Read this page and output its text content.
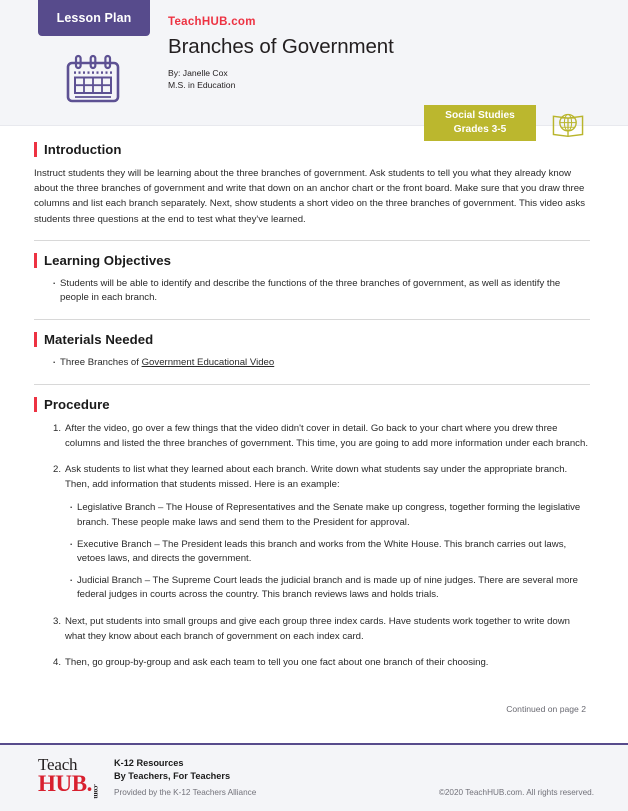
Lesson Plan	TeachHUB.com
Branches of Government
By: Janelle Cox
M.S. in Education
Social Studies
Grades 3-5
Introduction

Instruct students they will be learning about the three branches of government. Ask students to tell you what they already know about the three branches of government and write that down on an anchor chart or the front board. Make sure that you draw three columns and list each branch separately. Next, show students a short video on the three branches of government. This video asks students three questions at the end to test what they've learned.

Learning Objectives
· Students will be able to identify and describe the functions of the three branches of government, as well as identify the people in each branch.
Materials Needed
· Three Branches of Government Educational Video
Procedure
After the video, go over a few things that the video didn't cover in detail. Go back to your chart where you drew three columns and listed the three branches of government. This time, you are going to add more information under each branch.
Ask students to list what they learned about each branch. Write down what students say under the appropriate branch. Then, add information that students missed. Here is an example:
· Legislative Branch – The House of Representatives and the Senate make up congress, together forming the legislative branch. These people make laws and send them to the President for approval.
· Executive Branch – The President leads this branch and works from the White House. This branch carries out laws, vetoes laws, and directs the government.
· Judicial Branch – The Supreme Court leads the judicial branch and is made up of nine judges. There are several more federal judges in courts across the country. This branch reviews laws and holds trials.
Next, put students into small groups and give each group three index cards. Have students work together to write down what they know about each branch of government on each index card.
Then, go group-by-group and ask each team to tell you one fact about one branch of their choosing.
Continued on page 2
Teach
HUB. .com
K-12 Resources
By Teachers, For Teachers
Provided by the K-12 Teachers Alliance	©2020 TeachHUB.com. All rights reserved.
